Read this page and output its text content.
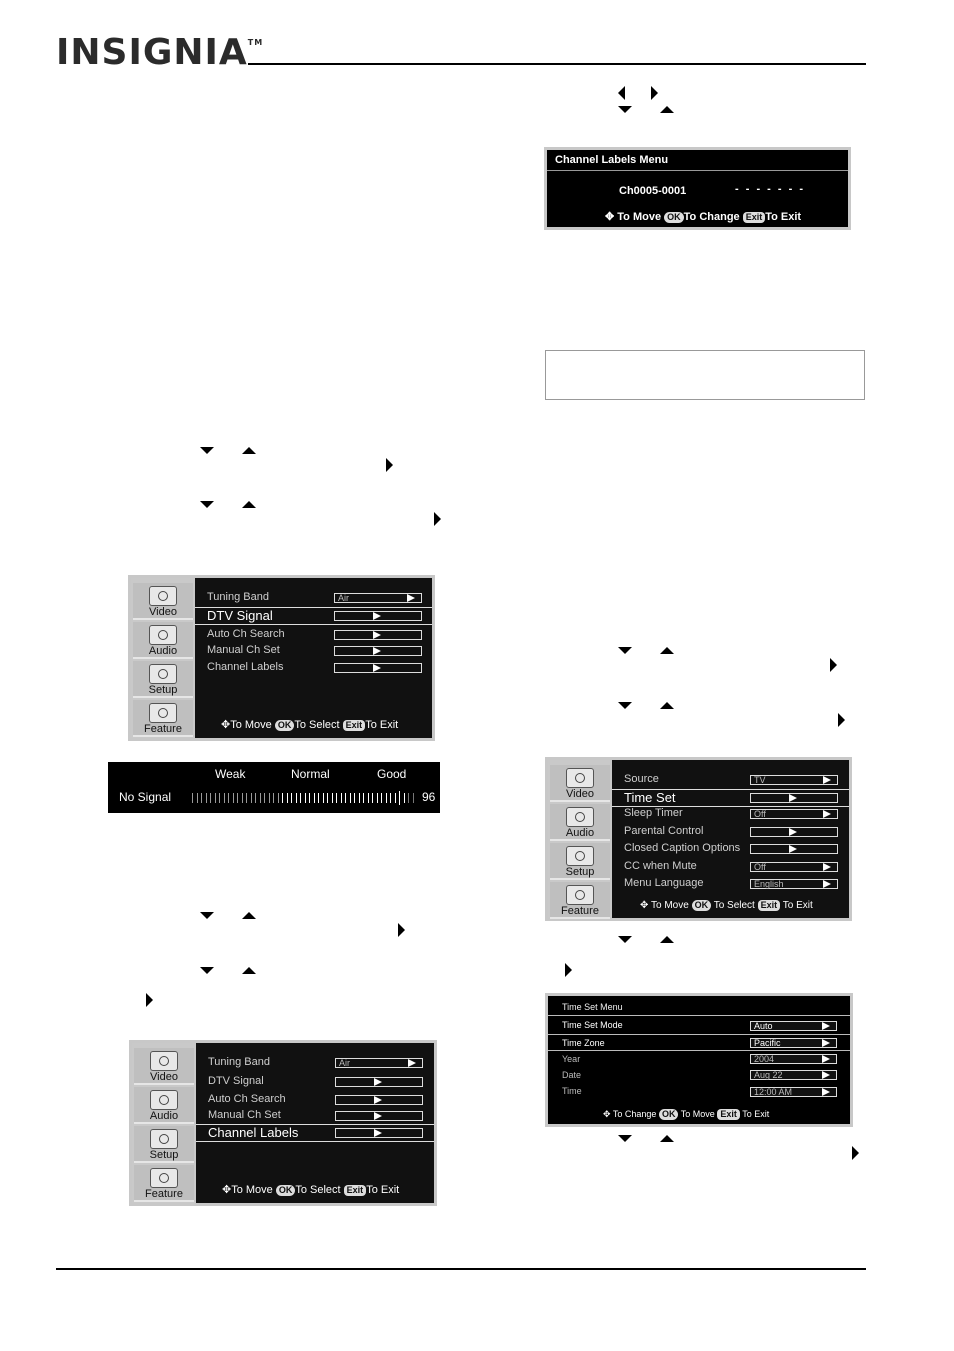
INSIGNIA™
Channel Labels Menu
Ch0005-0001	- - - - - - -
✥ To Move OK To Change Exit To Exit
Video
Audio
Setup
Feature
Tuning Band	Air
DTV Signal
Auto Ch Search
Manual Ch Set
Channel Labels
✥To Move OK To Select Exit To Exit
Weak	Normal	Good
No Signal	96
Video
Audio
Setup
Feature
Tuning Band	Air
DTV Signal
Auto Ch Search
Manual Ch Set
Channel Labels
✥To Move OK To Select Exit To Exit
Video
Audio
Setup
Feature
Source	TV
Time Set
Sleep Timer	Off
Parental Control
Closed Caption Options
CC when Mute	Off
Menu Language	English
✥ To Move OK To Select Exit To Exit
Time Set Menu
Time Set Mode	Auto
Time Zone	Pacific
Year	2004
Date	Aug 22
Time	12:00 AM
✥ To Change OK To Move Exit To Exit
